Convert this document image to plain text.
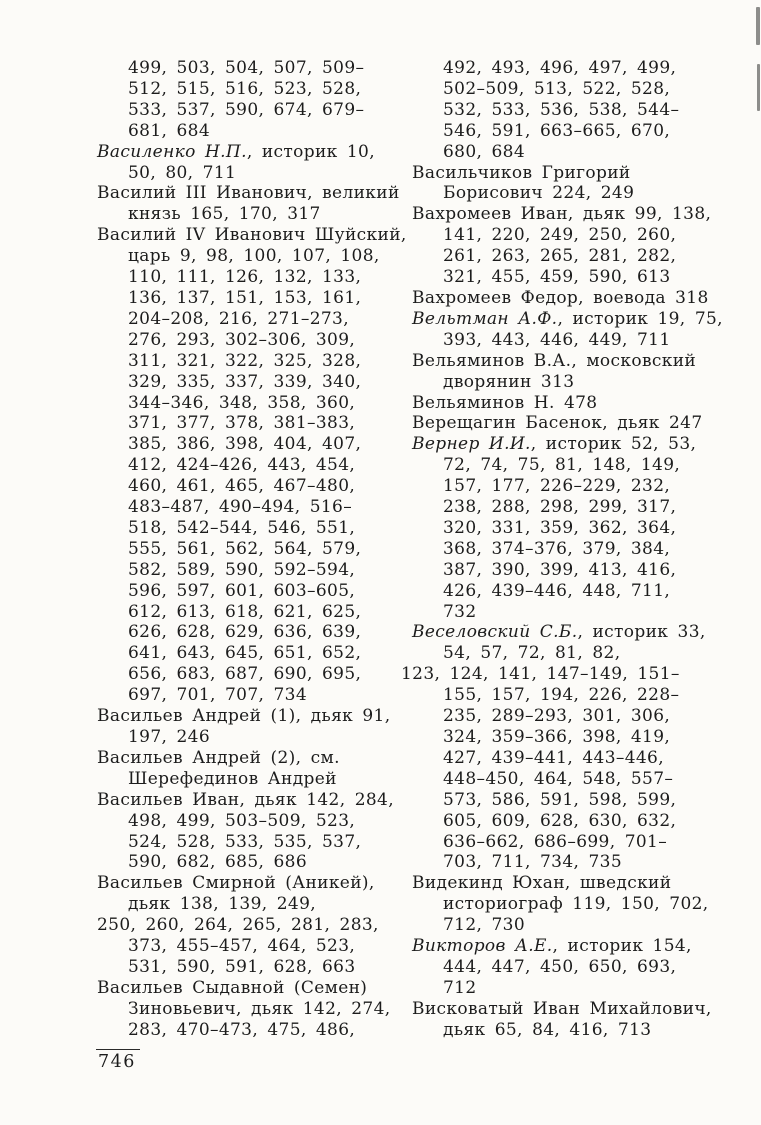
499, 503, 504, 507, 509–
512, 515, 516, 523, 528,
533, 537, 590, 674, 679–
681, 684
Василенко Н.П., историк 10,
50, 80, 711
Василий III Иванович, великий
князь 165, 170, 317
Василий IV Иванович Шуйский,
царь 9, 98, 100, 107, 108,
110, 111, 126, 132, 133,
136, 137, 151, 153, 161,
204–208, 216, 271–273,
276, 293, 302–306, 309,
311, 321, 322, 325, 328,
329, 335, 337, 339, 340,
344–346, 348, 358, 360,
371, 377, 378, 381–383,
385, 386, 398, 404, 407,
412, 424–426, 443, 454,
460, 461, 465, 467–480,
483–487, 490–494, 516–
518, 542–544, 546, 551,
555, 561, 562, 564, 579,
582, 589, 590, 592–594,
596, 597, 601, 603–605,
612, 613, 618, 621, 625,
626, 628, 629, 636, 639,
641, 643, 645, 651, 652,
656, 683, 687, 690, 695,
697, 701, 707, 734
Васильев Андрей (1), дьяк 91,
197, 246
Васильев Андрей (2), см.
Шерефединов Андрей
Васильев Иван, дьяк 142, 284,
498, 499, 503–509, 523,
524, 528, 533, 535, 537,
590, 682, 685, 686
Васильев Смирной (Аникей),
дьяк 138, 139, 249,
250, 260, 264, 265, 281, 283,
373, 455–457, 464, 523,
531, 590, 591, 628, 663
Васильев Сыдавной (Семен)
Зиновьевич, дьяк 142, 274,
283, 470–473, 475, 486,
492, 493, 496, 497, 499,
502–509, 513, 522, 528,
532, 533, 536, 538, 544–
546, 591, 663–665, 670,
680, 684
Васильчиков Григорий
Борисович 224, 249
Вахромеев Иван, дьяк 99, 138,
141, 220, 249, 250, 260,
261, 263, 265, 281, 282,
321, 455, 459, 590, 613
Вахромеев Федор, воевода 318
Вельтман А.Ф., историк 19, 75,
393, 443, 446, 449, 711
Вельяминов В.А., московский
дворянин 313
Вельяминов Н. 478
Верещагин Басенок, дьяк 247
Вернер И.И., историк 52, 53,
72, 74, 75, 81, 148, 149,
157, 177, 226–229, 232,
238, 288, 298, 299, 317,
320, 331, 359, 362, 364,
368, 374–376, 379, 384,
387, 390, 399, 413, 416,
426, 439–446, 448, 711,
732
Веселовский С.Б., историк 33,
54, 57, 72, 81, 82,
123, 124, 141, 147–149, 151–
155, 157, 194, 226, 228–
235, 289–293, 301, 306,
324, 359–366, 398, 419,
427, 439–441, 443–446,
448–450, 464, 548, 557–
573, 586, 591, 598, 599,
605, 609, 628, 630, 632,
636–662, 686–699, 701–
703, 711, 734, 735
Видекинд Юхан, шведский
историограф 119, 150, 702,
712, 730
Викторов А.Е., историк 154,
444, 447, 450, 650, 693,
712
Висковатый Иван Михайлович,
дьяк 65, 84, 416, 713
746
